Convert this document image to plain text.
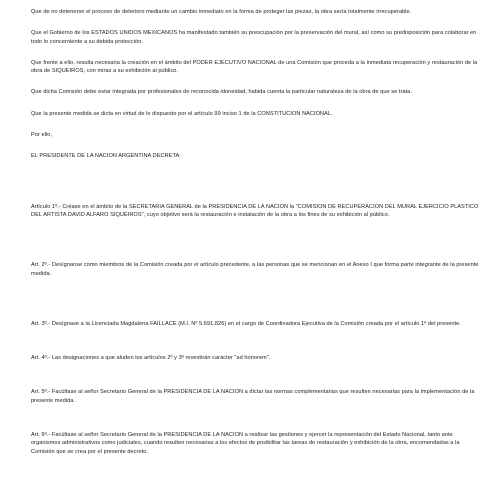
Que de no detenerse el proceso de deterioro mediante un cambio inmediato en la forma de proteger las piezas, la obra sería totalmente irrecuperable.

Que el Gobierno de los ESTADOS UNIDOS MEXICANOS ha manifestado también su preocupación por la preservación del mural, así como su predisposición para colaborar en todo lo concerniente a su debida protección.

Que frente a ello, resulta necesaria la creación en el ámbito del PODER EJECUTIVO NACIONAL de una Comisión que proceda a la inmediata recuperación y restauración de la obra de SIQUEIROS, con miras a su exhibición al público.

Que dicha Comisión debe estar integrada por profesionales de reconocida idoneidad, habida cuenta la particular naturaleza de la obra de que se trata.

Que la presente medida se dicta en virtud de lo dispuesto por el artículo 99 inciso 1 de la CONSTITUCION NACIONAL.

Por ello,

EL PRESIDENTE DE LA NACION ARGENTINA DECRETA:

Artículo 1º.- Créase en el ámbito de la SECRETARIA GENERAL de la PRESIDENCIA DE LA NACION la "COMISION DE RECUPERACION DEL MURAL EJERCICIO PLASTICO DEL ARTISTA DAVID ALFARO SIQUEIROS", cuyo objetivo será la restauración e instalación de la obra a los fines de su exhibición al público.

Art. 2º.- Desígnanse como miembros de la Comisión creada por el artículo precedente, a las personas que se mencionan en el Anexo I que forma parte integrante de la presente medida.

Art. 3º.- Desígnase a la Licenciada Magdalena FAILLACE (M.I. Nº 5.691.826) en el cargo de Coordinadora Ejecutiva de la Comisión creada por el artículo 1º del presente.

Art. 4º.- Las designaciones a que aluden los artículos 2º y 3º revestirán carácter "ad honorem".

Art. 5º.- Facúltase al señor Secretario General de la PRESIDENCIA DE LA NACION a dictar las normas complementarias que resulten necesarias para la implementación de la presente medida.

Art. 6º.- Facúltase al señor Secretario General de la PRESIDENCIA DE LA NACION a realizar las gestiones y ejercer la representación del Estado Nacional, tanto ante organismos administrativos como judiciales, cuando resulten necesarias a los efectos de posibilitar las tareas de restauración y exhibición de la obra, encomendadas a la Comisión que se crea por el presente decreto.
